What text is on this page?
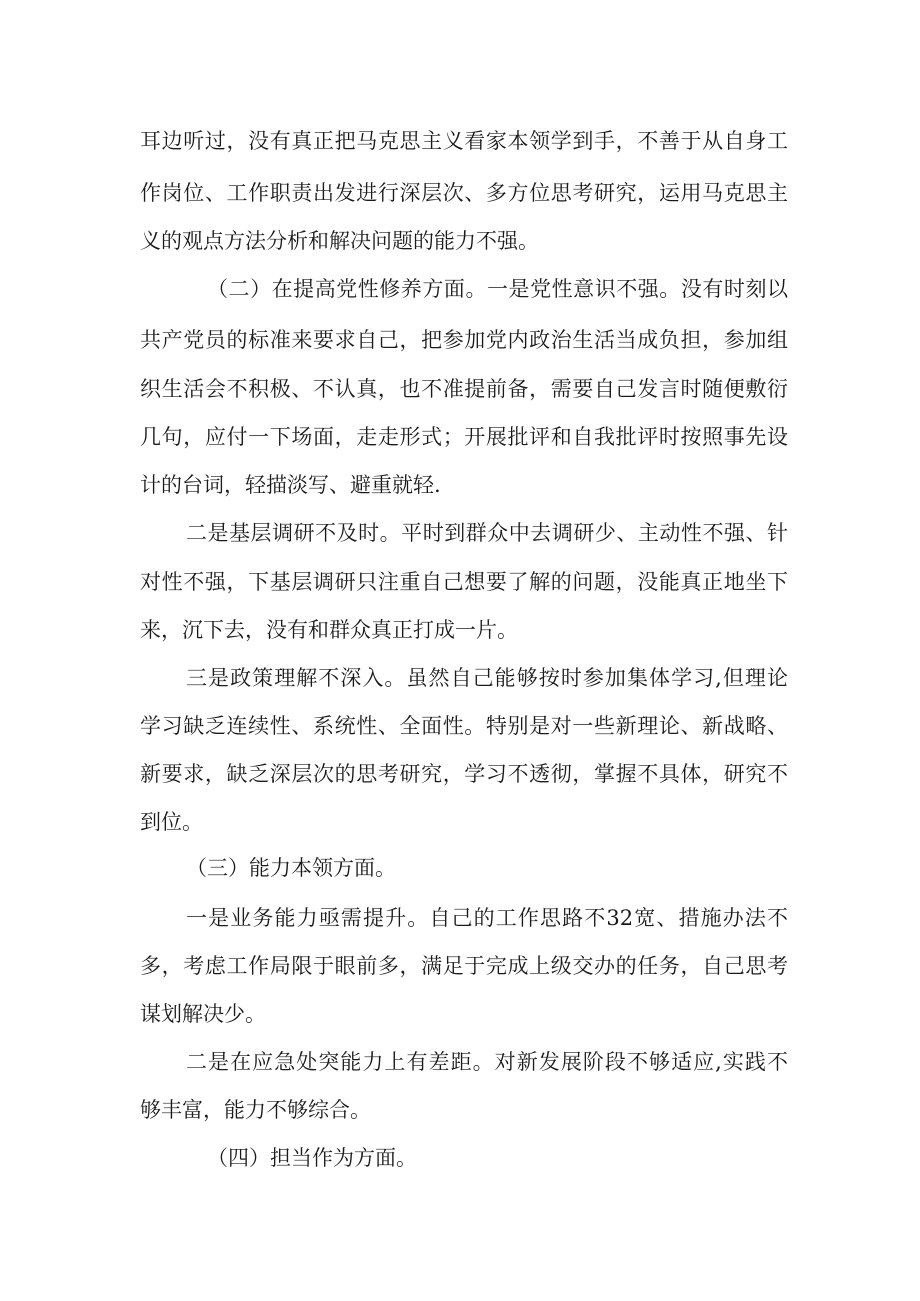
耳边听过，没有真正把马克思主义看家本领学到手，不善于从自身工
作岗位、工作职责出发进行深层次、多方位思考研究，运用马克思主
义的观点方法分析和解决问题的能力不强。
（二）在提高党性修养方面。一是党性意识不强。没有时刻以
共产党员的标准来要求自己，把参加党内政治生活当成负担，参加组
织生活会不积极、不认真，也不准提前备，需要自己发言时随便敷衍
几句，应付一下场面，走走形式；开展批评和自我批评时按照事先设
计的台词，轻描淡写、避重就轻.
二是基层调研不及时。平时到群众中去调研少、主动性不强、针
对性不强，下基层调研只注重自己想要了解的问题，没能真正地坐下
来，沉下去，没有和群众真正打成一片。
三是政策理解不深入。虽然自己能够按时参加集体学习,但理论
学习缺乏连续性、系统性、全面性。特别是对一些新理论、新战略、
新要求，缺乏深层次的思考研究，学习不透彻，掌握不具体，研究不
到位。
（三）能力本领方面。
一是业务能力亟需提升。自己的工作思路不32宽、措施办法不
多，考虑工作局限于眼前多，满足于完成上级交办的任务，自己思考
谋划解决少。
二是在应急处突能力上有差距。对新发展阶段不够适应,实践不
够丰富，能力不够综合。
（四）担当作为方面。
